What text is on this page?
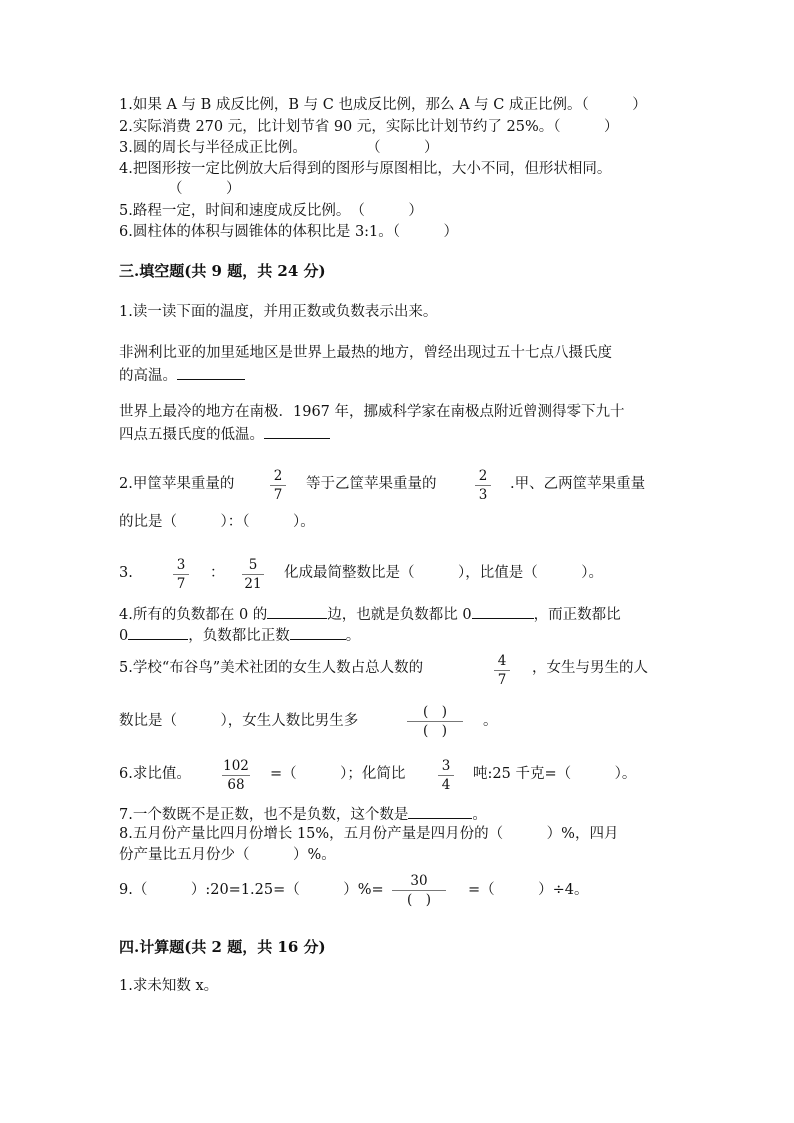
1.如果 A 与 B 成反比例，B 与 C 也成反比例，那么 A 与 C 成正比例。（　　　）
2.实际消费 270 元，比计划节省 90 元，实际比计划节约了 25%。（　　　）
3.圆的周长与半径成正比例。	（　　　）
4.把图形按一定比例放大后得到的图形与原图相比，大小不同，但形状相同。
（　　　）
5.路程一定，时间和速度成反比例。　（　　　）
6.圆柱体的体积与圆锥体的体积比是 3:1。（　　　）
三.填空题(共 9 题，共 24 分)
1.读一读下面的温度，并用正数或负数表示出来。
非洲利比亚的加里延地区是世界上最热的地方，曾经出现过五十七点八摄氏度
的高温。
世界上最冷的地方在南极．1967 年，挪威科学家在南极点附近曾测得零下九十
四点五摄氏度的低温。
2.甲筐苹果重量的	2
7
等于乙筐苹果重量的	2
3
.甲、乙两筐苹果重量
的比是（　　　）：（　　　）。
3.	3
7
：	5
21
化成最简整数比是（　　　），比值是（　　　）。
4.所有的负数都在 0 的	边，也就是负数都比 0	，而正数都比
0	，负数都比正数	。
5.学校“布谷鸟”美术社团的女生人数占总人数的	4
7
，女生与男生的人
数比是（　　　），女生人数比男生多
(　)
(　)
。
6.求比值。 102
68
=（　　　）；化简比	3
4
吨:25 千克=（　　　）。
7.一个数既不是正数，也不是负数，这个数是	。
8.五月份产量比四月份增长 15%，五月份产量是四月份的（　　　）%，四月
份产量比五月份少（　　　）%。
9.（　　　）:20=1.25=（　　　）%=
30
(　)
=（　　　）÷4。
四.计算题(共 2 题，共 16 分)
1.求未知数 x。
